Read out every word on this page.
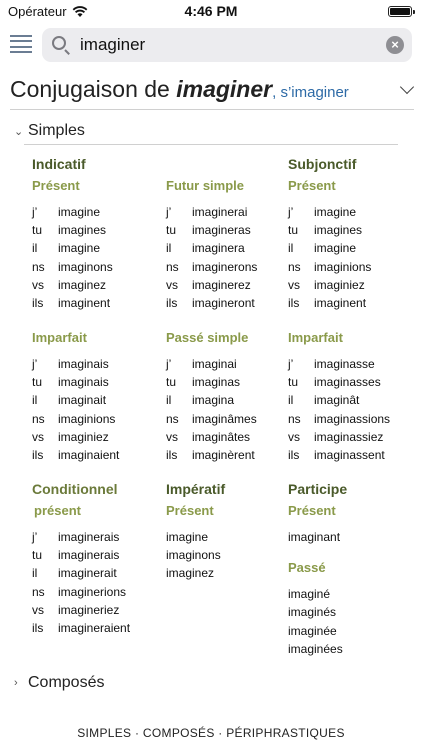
Opérateur	4:46 PM
imaginer
×
Conjugaison de imaginer, s’imaginer
⌄ Simples
Indicatif
Présent
j’	imagine
tu	imagines
il	imagine
ns	imaginons
vs	imaginez
ils	imaginent
Futur simple
j’	imaginerai
tu	imagineras
il	imaginera
ns	imaginerons
vs	imaginerez
ils	imagineront
Subjonctif
Présent
j’	imagine
tu	imagines
il	imagine
ns	imaginions
vs	imaginiez
ils	imaginent
Imparfait
j’	imaginais
tu	imaginais
il	imaginait
ns	imaginions
vs	imaginiez
ils	imaginaient
Passé simple
j’	imaginai
tu	imaginas
il	imagina
ns	imaginâmes
vs	imaginâtes
ils	imaginèrent
Imparfait
j’	imaginasse
tu	imaginasses
il	imaginât
ns	imaginassions
vs	imaginassiez
ils	imaginassent
Conditionnel
présent
j’	imaginerais
tu	imaginerais
il	imaginerait
ns	imaginerions
vs	imagineriez
ils	imagineraient
Impératif
Présent
imagine
imaginons
imaginez
Participe
Présent
imaginant
Passé
imaginé
imaginés
imaginée
imaginées
› Composés
SIMPLES · COMPOSÉS · PÉRIPHRASTIQUES
